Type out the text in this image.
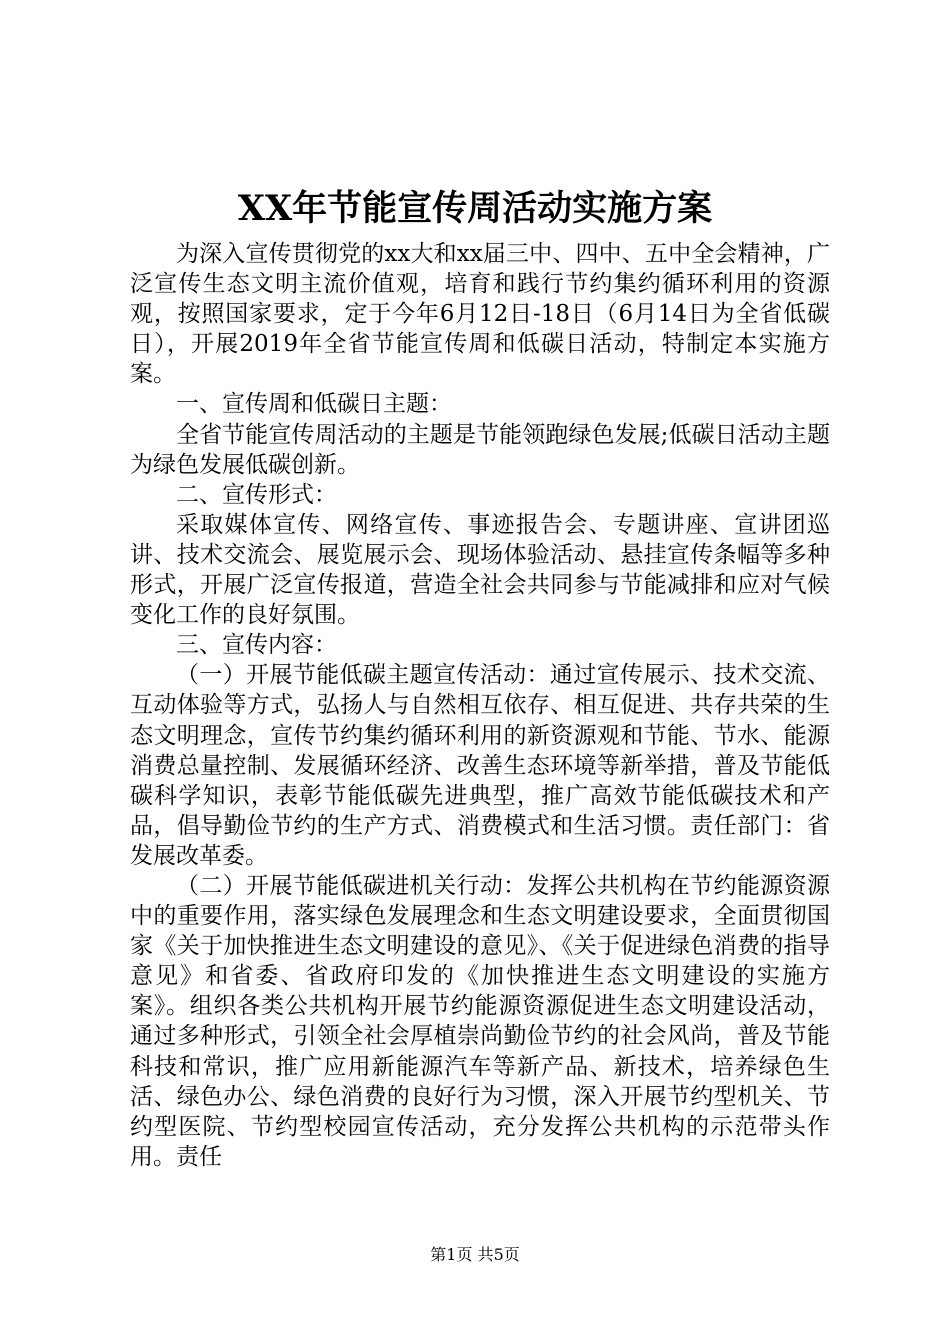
XX年节能宣传周活动实施方案

为深入宣传贯彻党的xx大和xx届三中、四中、五中全会精神，广泛宣传生态文明主流价值观，培育和践行节约集约循环利用的资源观，按照国家要求，定于今年6月12日-18日（6月14日为全省低碳日），开展2019年全省节能宣传周和低碳日活动，特制定本实施方案。

一、宣传周和低碳日主题：

全省节能宣传周活动的主题是节能领跑绿色发展;低碳日活动主题为绿色发展低碳创新。

二、宣传形式：

采取媒体宣传、网络宣传、事迹报告会、专题讲座、宣讲团巡讲、技术交流会、展览展示会、现场体验活动、悬挂宣传条幅等多种形式，开展广泛宣传报道，营造全社会共同参与节能减排和应对气候变化工作的良好氛围。

三、宣传内容：

（一）开展节能低碳主题宣传活动：通过宣传展示、技术交流、互动体验等方式，弘扬人与自然相互依存、相互促进、共存共荣的生态文明理念，宣传节约集约循环利用的新资源观和节能、节水、能源消费总量控制、发展循环经济、改善生态环境等新举措，普及节能低碳科学知识，表彰节能低碳先进典型，推广高效节能低碳技术和产品，倡导勤俭节约的生产方式、消费模式和生活习惯。责任部门：省发展改革委。

（二）开展节能低碳进机关行动：发挥公共机构在节约能源资源中的重要作用，落实绿色发展理念和生态文明建设要求，全面贯彻国家《关于加快推进生态文明建设的意见》、《关于促进绿色消费的指导意见》和省委、省政府印发的《加快推进生态文明建设的实施方案》。组织各类公共机构开展节约能源资源促进生态文明建设活动，通过多种形式，引领全社会厚植崇尚勤俭节约的社会风尚，普及节能科技和常识，推广应用新能源汽车等新产品、新技术，培养绿色生活、绿色办公、绿色消费的良好行为习惯，深入开展节约型机关、节约型医院、节约型校园宣传活动，充分发挥公共机构的示范带头作用。责任

第1页 共5页
